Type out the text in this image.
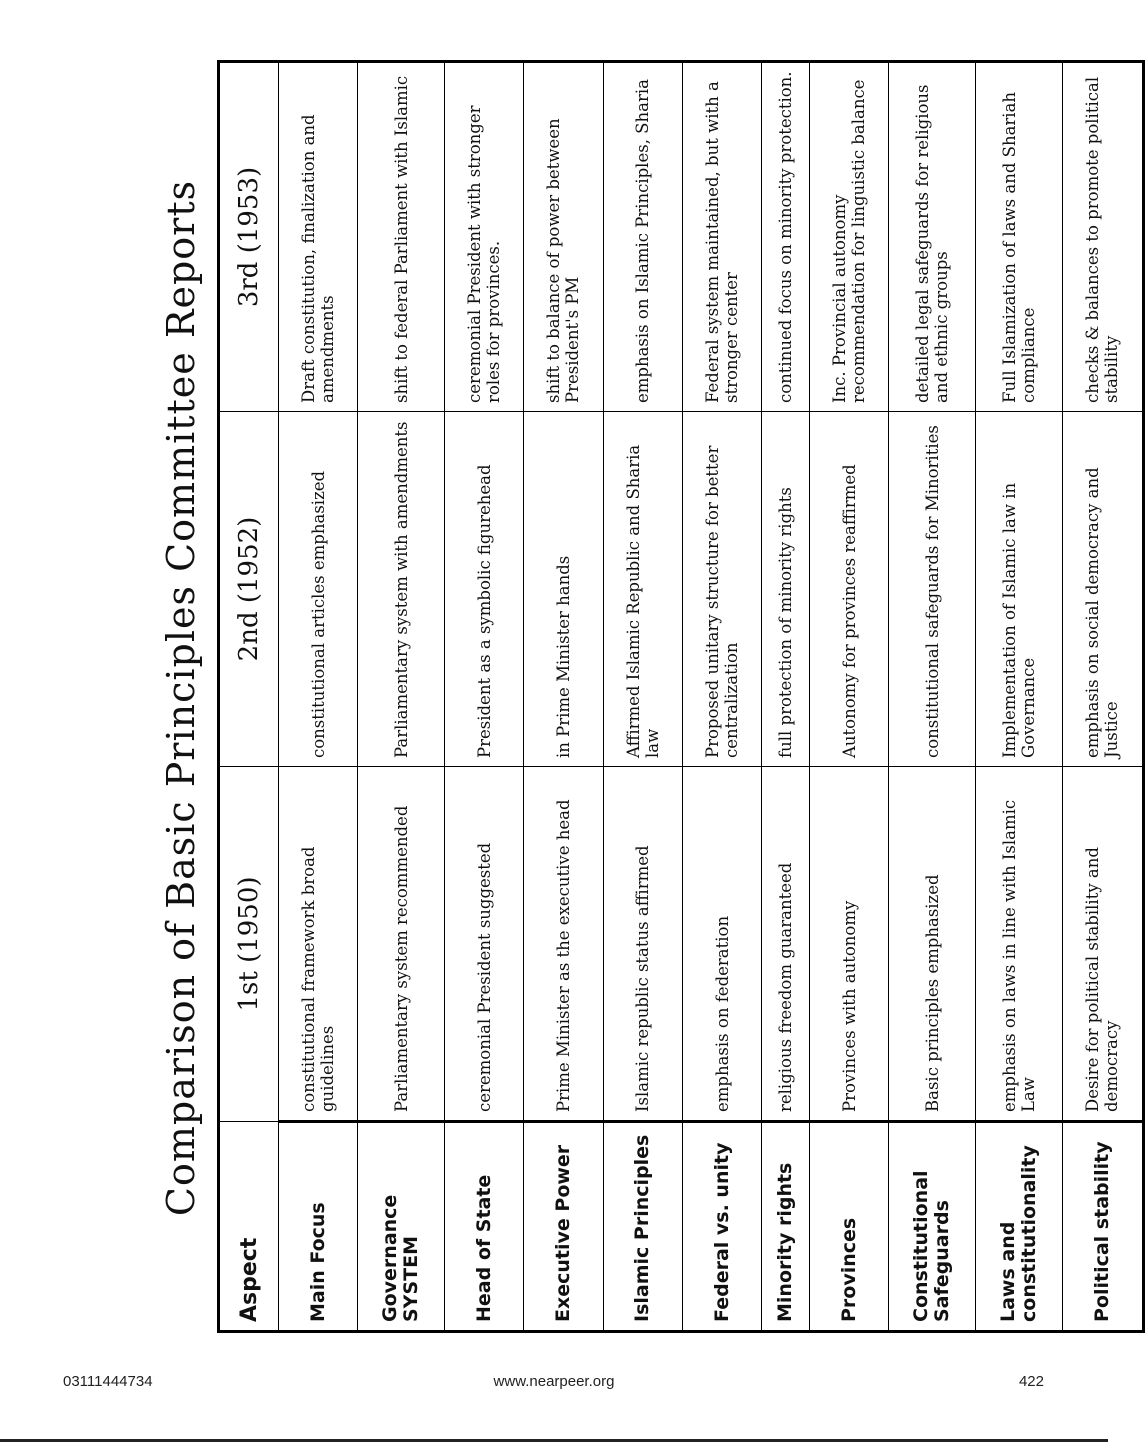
Comparison of Basic Principles Committee Reports
Aspect	1st (1950)	2nd (1952)	3rd (1953)
Main Focus	constitutional framework broad guidelines	constitutional articles emphasized	Draft constitution, finalization and amendments
Governance SYSTEM	Parliamentary system recommended	Parliamentary system with amendments	shift to federal Parliament with Islamic
Head of State	ceremonial President suggested	President as a symbolic figurehead	ceremonial President with stronger roles for provinces.
Executive Power	Prime Minister as the executive head	in Prime Minister hands	shift to balance of power between President's PM
Islamic Principles	Islamic republic status affirmed	Affirmed Islamic Republic and Sharia law	emphasis on Islamic Principles, Sharia
Federal vs. unity	emphasis on federation	Proposed unitary structure for better centralization	Federal system maintained, but with a stronger center
Minority rights	religious freedom guaranteed	full protection of minority rights	continued focus on minority protection.
Provinces	Provinces with autonomy	Autonomy for provinces reaffirmed	Inc. Provincial autonomy recommendation for linguistic balance
Constitutional Safeguards	Basic principles emphasized	constitutional safeguards for Minorities	detailed legal safeguards for religious and ethnic groups
Laws and constitutionality	emphasis on laws in line with Islamic Law	Implementation of Islamic law in Governance	Full Islamization of laws and Shariah compliance
Political stability	Desire for political stability and democracy	emphasis on social democracy and Justice	checks & balances to promote political stability
03111444734	www.nearpeer.org	422
